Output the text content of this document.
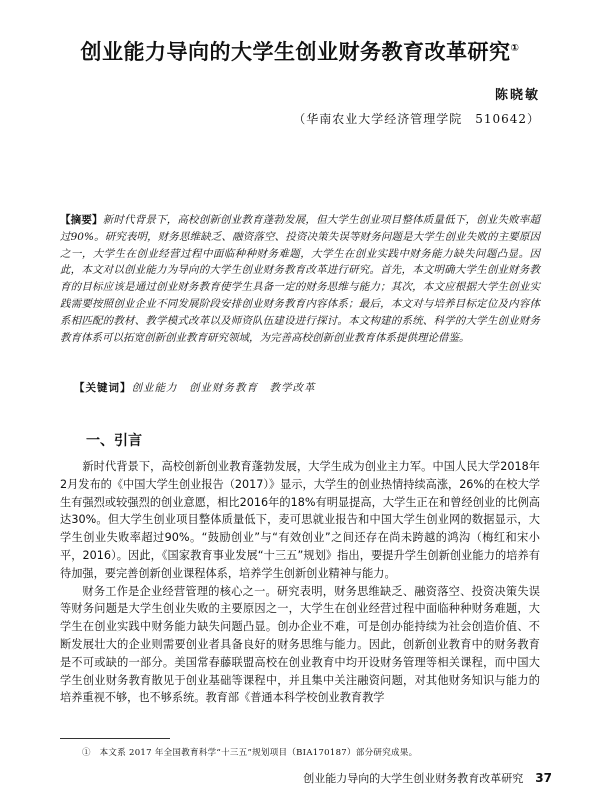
创业能力导向的大学生创业财务教育改革研究①
陈晓敏
（华南农业大学经济管理学院　510642）
【摘要】新时代背景下，高校创新创业教育蓬勃发展，但大学生创业项目整体质量低下，创业失败率超过90%。研究表明，财务思维缺乏、融资落空、投资决策失误等财务问题是大学生创业失败的主要原因之一，大学生在创业经营过程中面临种种财务难题，大学生在创业实践中财务能力缺失问题凸显。因此，本文对以创业能力为导向的大学生创业财务教育改革进行研究。首先，本文明确大学生创业财务教育的目标应该是通过创业财务教育使学生具备一定的财务思维与能力；其次，本文应根据大学生创业实践需要按照创业企业不同发展阶段安排创业财务教育内容体系；最后，本文对与培养目标定位及内容体系相匹配的教材、教学模式改革以及师资队伍建设进行探讨。本文构建的系统、科学的大学生创业财务教育体系可以拓宽创新创业教育研究领域，为完善高校创新创业教育体系提供理论借鉴。
【关键词】创业能力　创业财务教育　教学改革
一、引言

新时代背景下，高校创新创业教育蓬勃发展，大学生成为创业主力军。中国人民大学2018年2月发布的《中国大学生创业报告（2017）》显示，大学生的创业热情持续高涨，26%的在校大学生有强烈或较强烈的创业意愿，相比2016年的18%有明显提高，大学生正在和曾经创业的比例高达30%。但大学生创业项目整体质量低下，麦可思就业报告和中国大学生创业网的数据显示，大学生创业失败率超过90%。“鼓励创业”与“有效创业”之间还存在尚未跨越的鸿沟（梅红和宋小平，2016）。因此，《国家教育事业发展“十三五”规划》指出，要提升学生创新创业能力的培养有待加强，要完善创新创业课程体系，培养学生创新创业精神与能力。

财务工作是企业经营管理的核心之一。研究表明，财务思维缺乏、融资落空、投资决策失误等财务问题是大学生创业失败的主要原因之一，大学生在创业经营过程中面临种种财务难题，大学生在创业实践中财务能力缺失问题凸显。创办企业不难，可是创办能持续为社会创造价值、不断发展壮大的企业则需要创业者具备良好的财务思维与能力。因此，创新创业教育中的财务教育是不可或缺的一部分。美国常春藤联盟高校在创业教育中均开设财务管理等相关课程，而中国大学生创业财务教育散见于创业基础等课程中，并且集中关注融资问题，对其他财务知识与能力的培养重视不够，也不够系统。教育部《普通本科学校创业教育教学

①　本文系 2017 年全国教育科学“十三五”规划项目（BIA170187）部分研究成果。
创业能力导向的大学生创业财务教育改革研究 37
